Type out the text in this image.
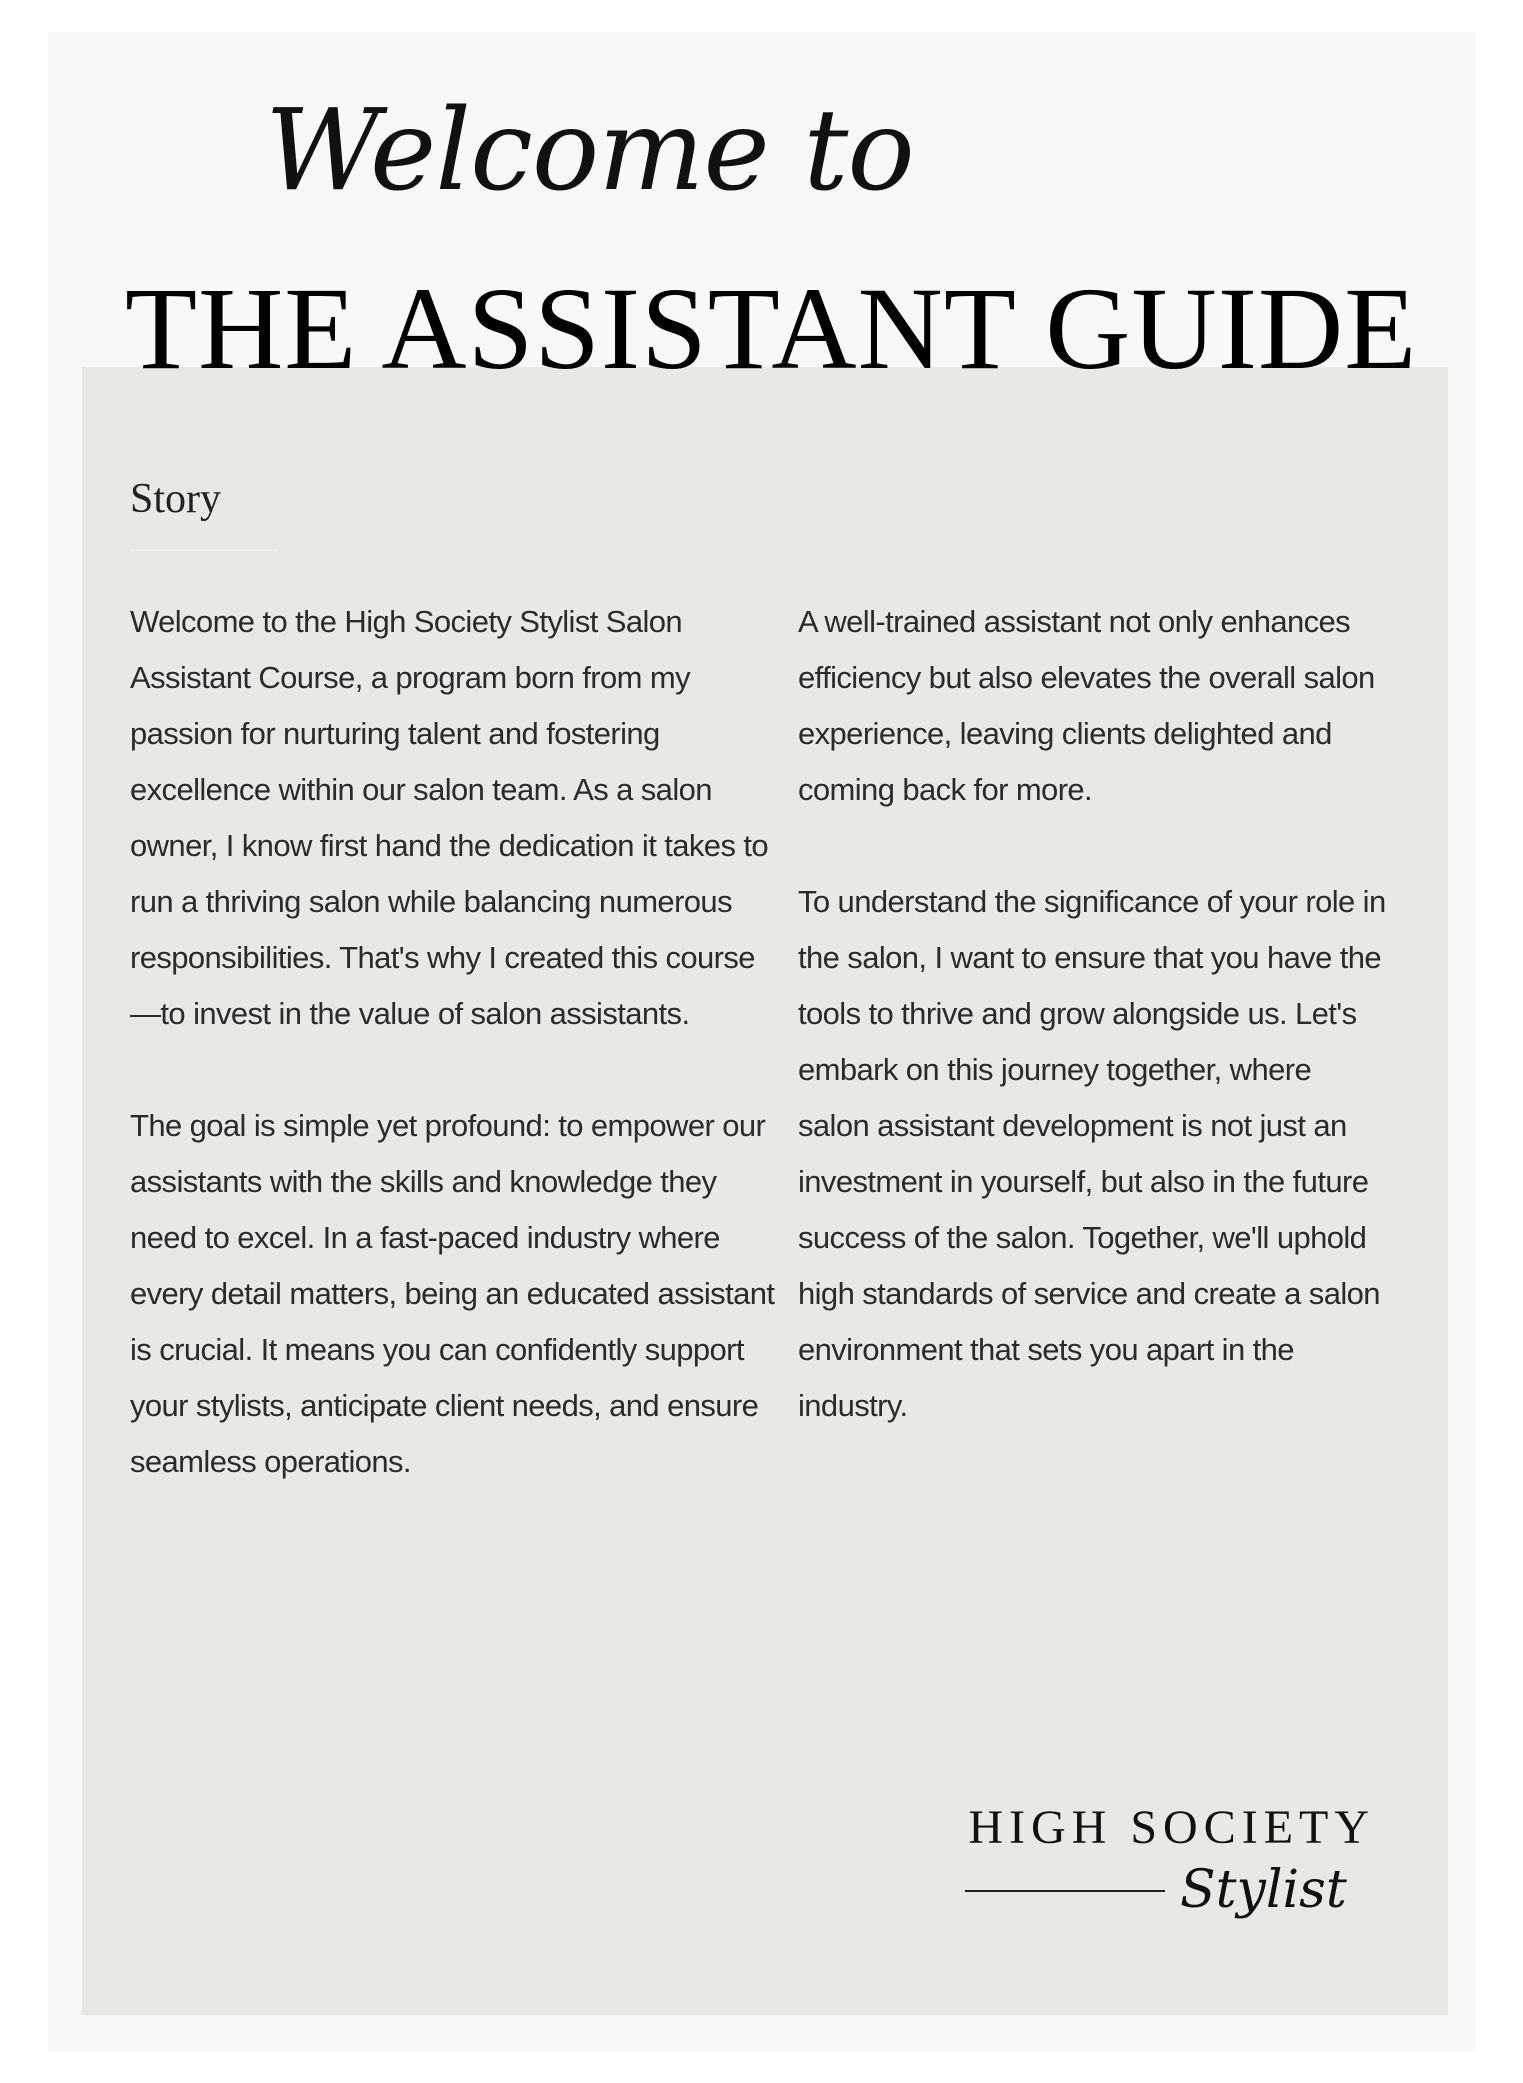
Welcome to
THE ASSISTANT GUIDE
Story

Welcome to the High Society Stylist Salon Assistant Course, a program born from my passion for nurturing talent and fostering excellence within our salon team. As a salon owner, I know first hand the dedication it takes to run a thriving salon while balancing numerous responsibilities. That's why I created this course—to invest in the value of salon assistants.

The goal is simple yet profound: to empower our assistants with the skills and knowledge they need to excel. In a fast-paced industry where every detail matters, being an educated assistant is crucial. It means you can confidently support your stylists, anticipate client needs, and ensure seamless operations.

A well-trained assistant not only enhances efficiency but also elevates the overall salon experience, leaving clients delighted and coming back for more.

To understand the significance of your role in the salon, I want to ensure that you have the tools to thrive and grow alongside us. Let's embark on this journey together, where salon assistant development is not just an investment in yourself, but also in the future success of the salon. Together, we'll uphold high standards of service and create a salon environment that sets you apart in the industry.

HIGH SOCIETY
Stylist
